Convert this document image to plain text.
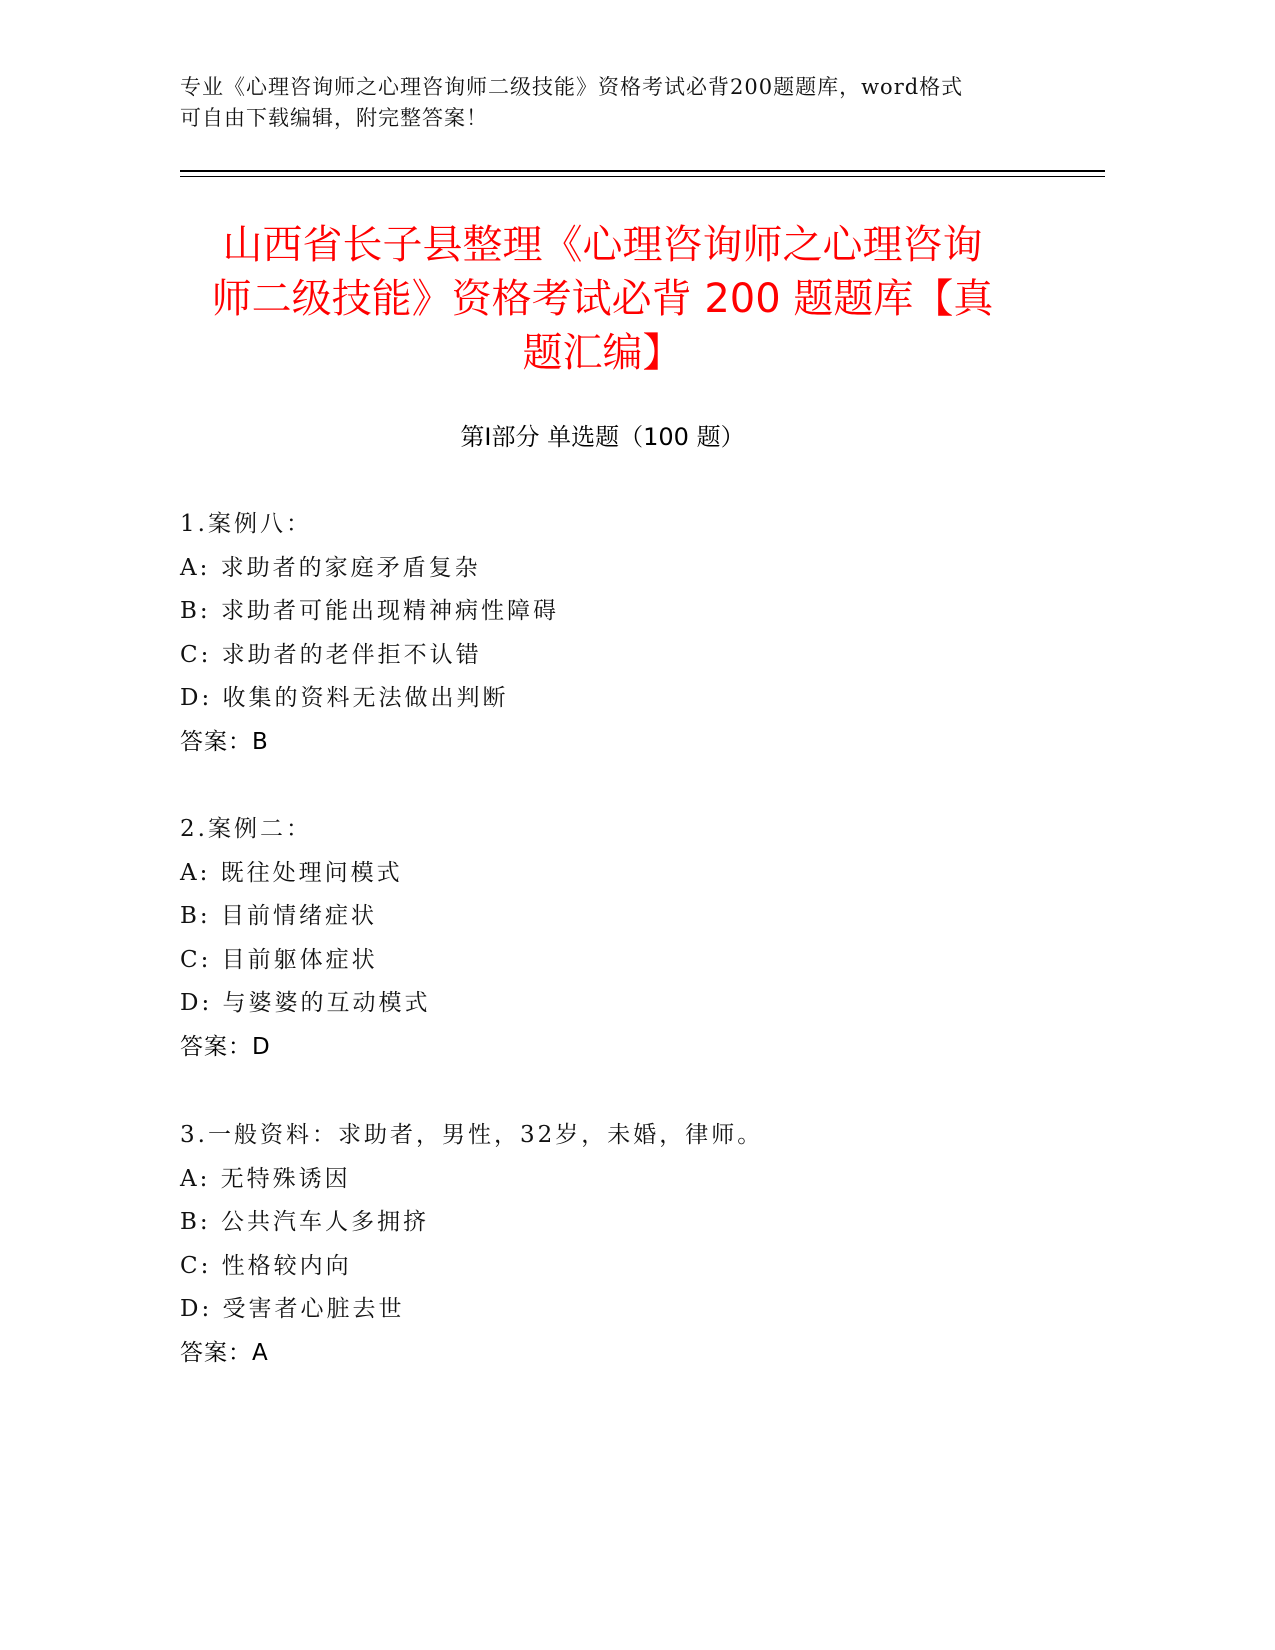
专业《心理咨询师之心理咨询师二级技能》资格考试必背200题题库，word格式
可自由下载编辑，附完整答案！
山西省长子县整理《心理咨询师之心理咨询
师二级技能》资格考试必背 200 题题库【真
题汇编】
第Ⅰ部分 单选题（100 题）
1.案例八：
A: 求助者的家庭矛盾复杂
B: 求助者可能出现精神病性障碍
C: 求助者的老伴拒不认错
D: 收集的资料无法做出判断
答案：B
2.案例二：
A: 既往处理问模式
B: 目前情绪症状
C: 目前躯体症状
D: 与婆婆的互动模式
答案：D
3.一般资料：求助者，男性，32岁，未婚，律师。
A: 无特殊诱因
B: 公共汽车人多拥挤
C: 性格较内向
D: 受害者心脏去世
答案：A
